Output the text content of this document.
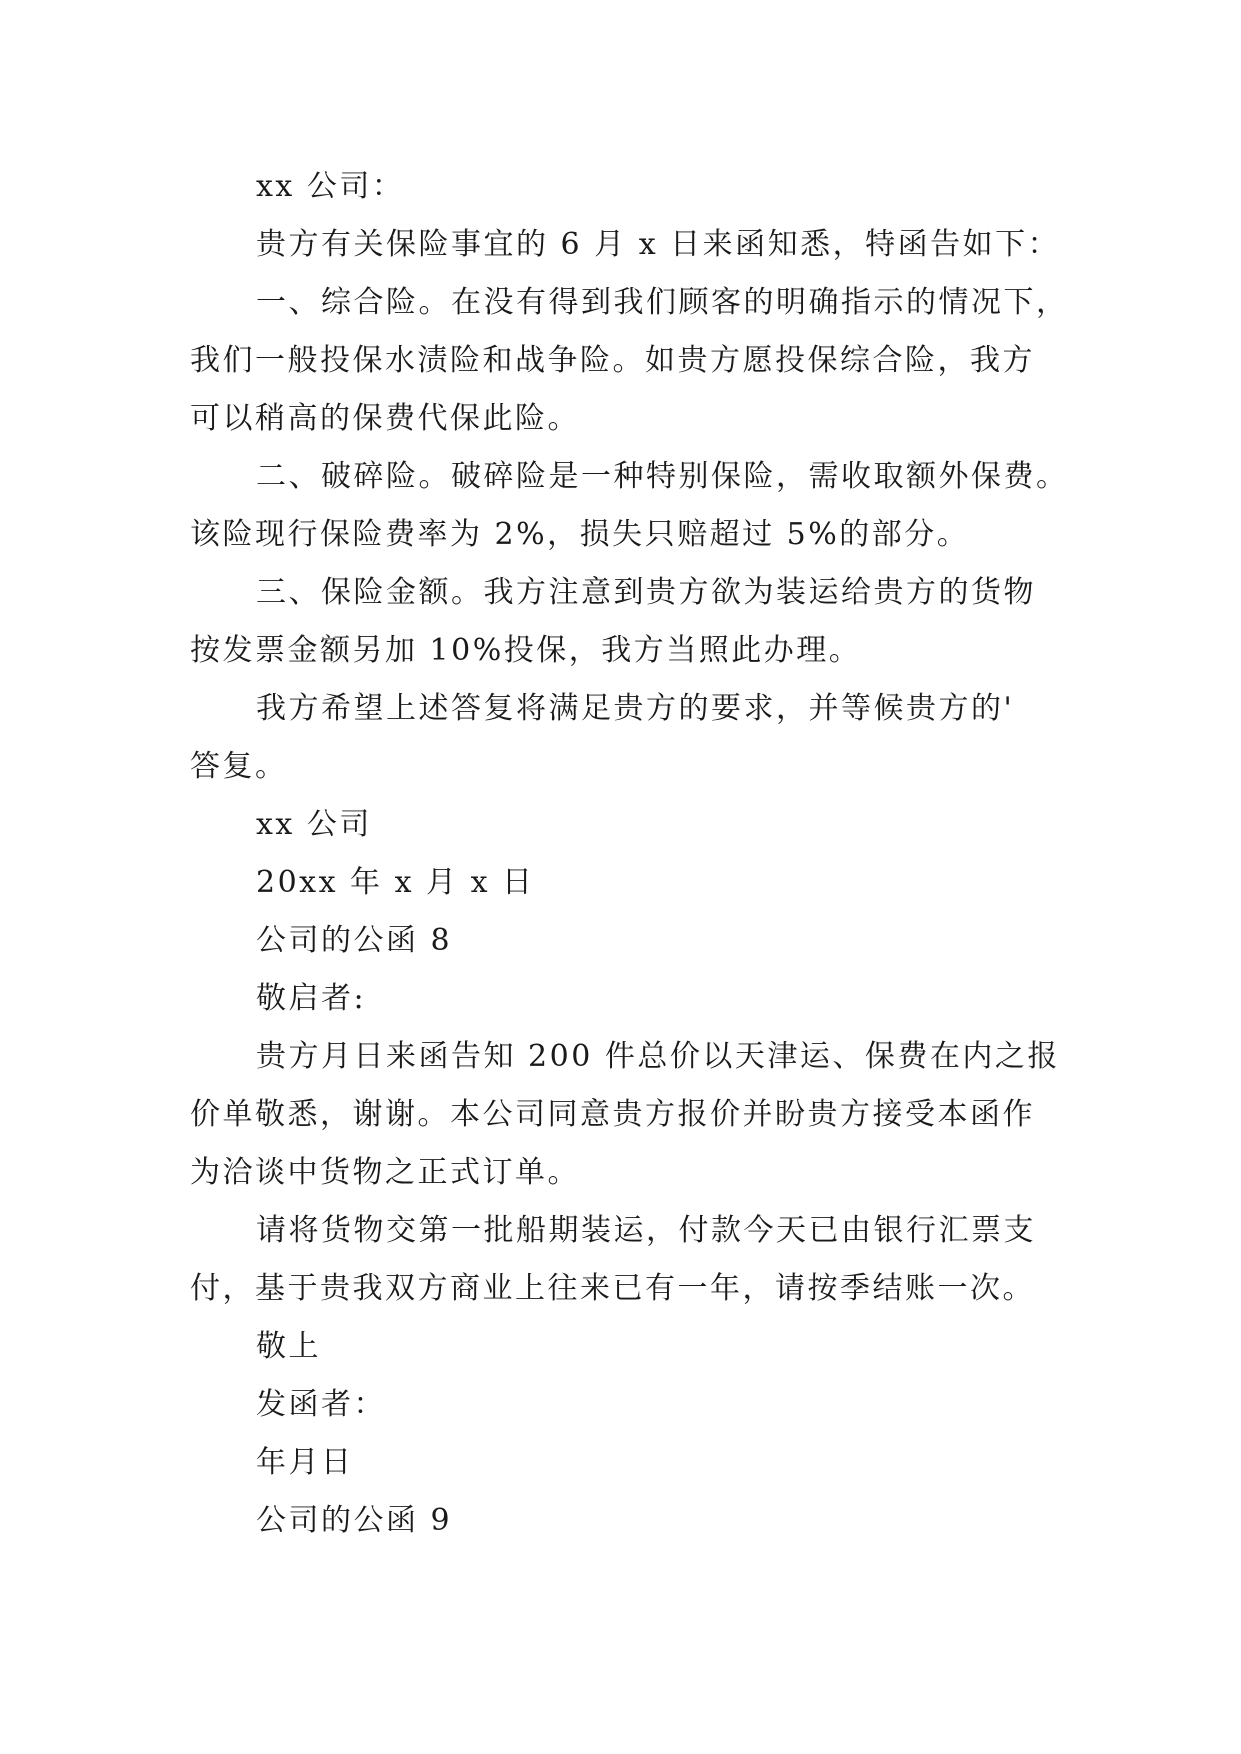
xx 公司：
贵方有关保险事宜的 6 月 x 日来函知悉，特函告如下：
一、综合险。在没有得到我们顾客的明确指示的情况下，
我们一般投保水渍险和战争险。如贵方愿投保综合险，我方
可以稍高的保费代保此险。
二、破碎险。破碎险是一种特别保险，需收取额外保费。
该险现行保险费率为 2%，损失只赔超过 5%的部分。
三、保险金额。我方注意到贵方欲为装运给贵方的货物
按发票金额另加 10%投保，我方当照此办理。
我方希望上述答复将满足贵方的要求，并等候贵方的'
答复。
xx 公司
20xx 年 x 月 x 日
公司的公函 8
敬启者:
贵方月日来函告知 200 件总价以天津运、保费在内之报
价单敬悉，谢谢。本公司同意贵方报价并盼贵方接受本函作
为洽谈中货物之正式订单。
请将货物交第一批船期装运，付款今天已由银行汇票支
付，基于贵我双方商业上往来已有一年，请按季结账一次。
敬上
发函者：
年月日
公司的公函 9
